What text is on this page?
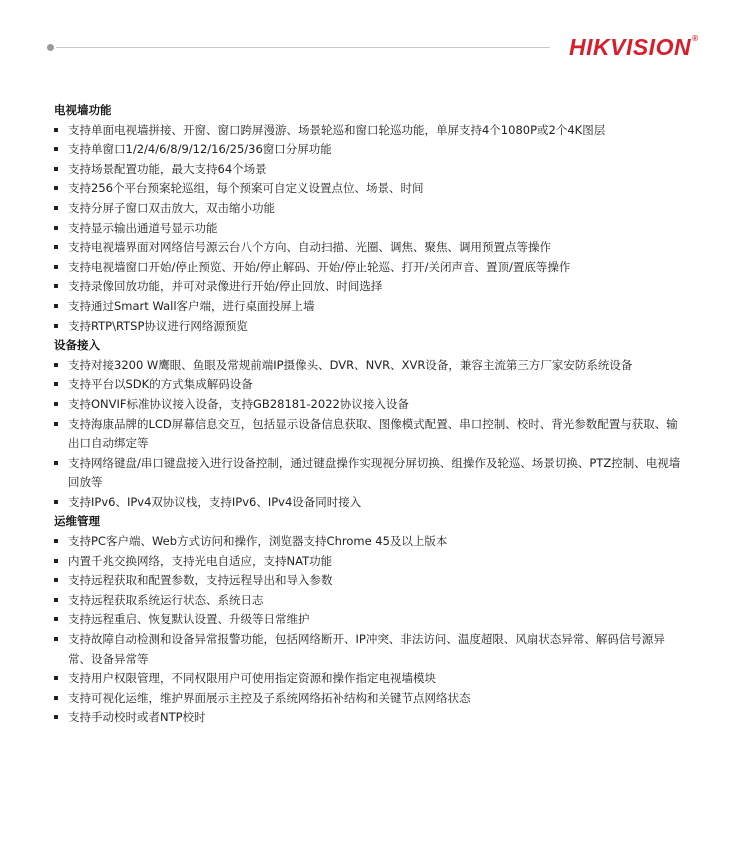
HIKVISION®
电视墙功能
支持单面电视墙拼接、开窗、窗口跨屏漫游、场景轮巡和窗口轮巡功能，单屏支持4个1080P或2个4K图层
支持单窗口1/2/4/6/8/9/12/16/25/36窗口分屏功能
支持场景配置功能，最大支持64个场景
支持256个平台预案轮巡组，每个预案可自定义设置点位、场景、时间
支持分屏子窗口双击放大，双击缩小功能
支持显示输出通道号显示功能
支持电视墙界面对网络信号源云台八个方向、自动扫描、光圈、调焦、聚焦、调用预置点等操作
支持电视墙窗口开始/停止预览、开始/停止解码、开始/停止轮巡、打开/关闭声音、置顶/置底等操作
支持录像回放功能，并可对录像进行开始/停止回放、时间选择
支持通过Smart Wall客户端，进行桌面投屏上墙
支持RTP\RTSP协议进行网络源预览
设备接入
支持对接3200 W鹰眼、鱼眼及常规前端IP摄像头、DVR、NVR、XVR设备，兼容主流第三方厂家安防系统设备
支持平台以SDK的方式集成解码设备
支持ONVIF标准协议接入设备，支持GB28181-2022协议接入设备
支持海康品牌的LCD屏幕信息交互，包括显示设备信息获取、图像模式配置、串口控制、校时、背光参数配置与获取、输出口自动绑定等
支持网络键盘/串口键盘接入进行设备控制，通过键盘操作实现视分屏切换、组操作及轮巡、场景切换、PTZ控制、电视墙回放等
支持IPv6、IPv4双协议栈，支持IPv6、IPv4设备同时接入
运维管理
支持PC客户端、Web方式访问和操作，浏览器支持Chrome 45及以上版本
内置千兆交换网络，支持光电自适应，支持NAT功能
支持远程获取和配置参数，支持远程导出和导入参数
支持远程获取系统运行状态、系统日志
支持远程重启、恢复默认设置、升级等日常维护
支持故障自动检测和设备异常报警功能，包括网络断开、IP冲突、非法访问、温度超限、风扇状态异常、解码信号源异常、设备异常等
支持用户权限管理，不同权限用户可使用指定资源和操作指定电视墙模块
支持可视化运维，维护界面展示主控及子系统网络拓补结构和关键节点网络状态
支持手动校时或者NTP校时
